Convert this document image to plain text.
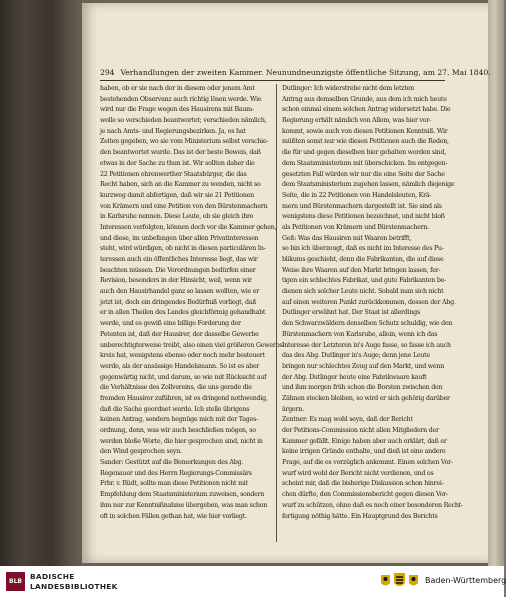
294 Verhandlungen der zweiten Kammer. Neunundneunzigste öffentliche Sitzung, am 27. Mai 1840.
haben, ob er sie nach der in diesem oder jenem Amt
bestehenden Observanz auch richtig lösen werde. Wie
wird nur die Frage wegen des Hausirens mit Baum-
wolle so verschieden beantwortet; verschieden nämlich,
je nach Amts- und Regierungsbezirken. Ja, es hat
Zeiten gegeben, wo sie vom Ministerium selbst verschie-
den beantwortet wurde. Das ist der beste Beweis, daß
etwas in der Sache zu thun ist. Wir sollten daher die
22 Petitionen ehrenwerther Staatsbürger, die das
Recht haben, sich an die Kammer zu wenden, nicht so
kurzweg damit abfertigen, daß wir sie 21 Petitionen
von Krämern und eine Petition von den Bürstenmachern
in Karlsruhe nennen. Diese Leute, ob sie gleich ihre
Interessen verfolgten, können doch vor die Kammer gehen,
und diese, im unbefangen über allen Privatinteressen
steht, wird würdigen, ob nicht in diesen particulären In-
teressen auch ein öffentliches Interesse liegt, das wir
beachten müssen. Die Verordnungen bedürfen einer
Revision, besonders in der Hinsicht, weil, wenn wir
auch den Hausirhandel ganz so lassen wollten, wie er
jetzt ist, doch ein dringendes Bedürfniß vorliegt, daß
er in allen Theilen des Landes gleichförmig gehandhabt
werde, und es gewiß eine billige Forderung der
Petenten ist, daß der Hausirer, der dasselbe Gewerbe
unberechtigterweise treibt, also einen viel größeren Gewerbs-
kreis hat, wenigstens ebenso oder noch mehr besteuert
werde, als der ansässige Handelsmann. So ist es aber
gegenwärtig nicht, und darum, so wie mit Rücksicht auf
die Verhältnisse des Zollvereins, die uns gerade die
fremden Hausirer zuführen, ist es dringend nothwendig,
daß die Sache geordnet werde. Ich stelle übrigens
keinen Antrag, sondern begnüge mich mit der Tages-
ordnung, denn, was wir auch beschließen mögen, so
werden bloße Worte, die hier gesprochen sind, nicht in
den Wind gesprochen seyn.
Sander: Gestützt auf die Bemerkungen des Abg.
Regenauer und des Herrn Regierungs-Commissärs
Frhr. v. Rüdt, sollte man diese Petitionen nicht mit
Empfehlung dem Staatsministerium zuweisen, sondern
ihm nur zur Kenntnißnahme übergeben, was man schon
oft in solchen Fällen gethan hat, wie hier vorliegt.
Dutlinger: Ich widerstrebe nicht dem letzten
Antrag aus demselben Grunde, aus dem ich mich heute
schon einmal einem solchen Antrag widersetzt habe. Die
Regierung erhält nämlich von Allem, was hier vor-
kommt, sowie auch von diesen Petitionen Kenntniß. Wir
müßten sonst nur wie diesen Petitionen auch die Reden,
die für und gegen dieselben hier gehalten worden sind,
dem Staatsministerium mit überschicken. Im entgegen-
gesetzten Fall würden wir nur die eine Seite der Sache
dem Staatsministerium zugehen lassen, nämlich diejenige
Seite, die in 22 Petitionen von Handelsleuten, Krä-
mern und Bürstenmachern dargestellt ist. Sie sind als
wenigstens diese Petitionen bezeichnet, und nicht bloß
als Petitionen von Krämern und Bürstenmachern.
Geß: Was das Hausiren mit Waaren betrifft,
so bin ich überzeugt, daß es nicht im Interesse des Pu-
blikums geschieht, denn die Fabrikanten, die auf diese
Weise ihre Waaren auf den Markt bringen lassen, fer-
tigen ein schlechtes Fabrikat, und gute Fabrikanten be-
dienen sich solcher Leute nicht. Sobald man sich nicht
auf einen weiteren Punkt zurückkommen, dessen der Abg.
Dutlinger erwähnt hat. Der Staat ist allerdings
den Schwarzwäldern denselben Schutz schuldig, wie den
Bürstenmachern von Karlsruhe, allein, wenn ich das
Interesse der Letzteren in's Auge fasse, so fasse ich auch
das des Abg. Dutlinger in's Auge; denn jene Leute
bringen nur schlechtes Zeug auf den Markt, und wenn
der Abg. Dutlinger heute eine Fabrikwaare kauft
und ihm morgen früh schon die Borsten zwischen den
Zähnen stecken bleiben, so wird er sich gehörig darüber
ärgern.
Zentner: Es mag wohl seyn, daß der Bericht
der Petitions-Commission nicht allen Mitgliedern der
Kammer gefällt. Einige haben aber auch erklärt, daß er
keine irrigen Gründe enthalte, und dieß ist eine andere
Frage, auf die es vorzüglich ankommt. Einen solchen Vor-
wurf wird wohl der Bericht nicht verdienen, und es
scheint mir, daß die bisherige Diskussion schon hinrei-
chen dürfte, den Commissionsbericht gegen diesen Vor-
wurf zu schützen, ohne daß es noch einer besonderen Recht-
fertigung nöthig hätte. Ein Hauptgrund des Berichts
BLB
BADISCHE
LANDESBIBLIOTHEK
Baden-Württemberg
